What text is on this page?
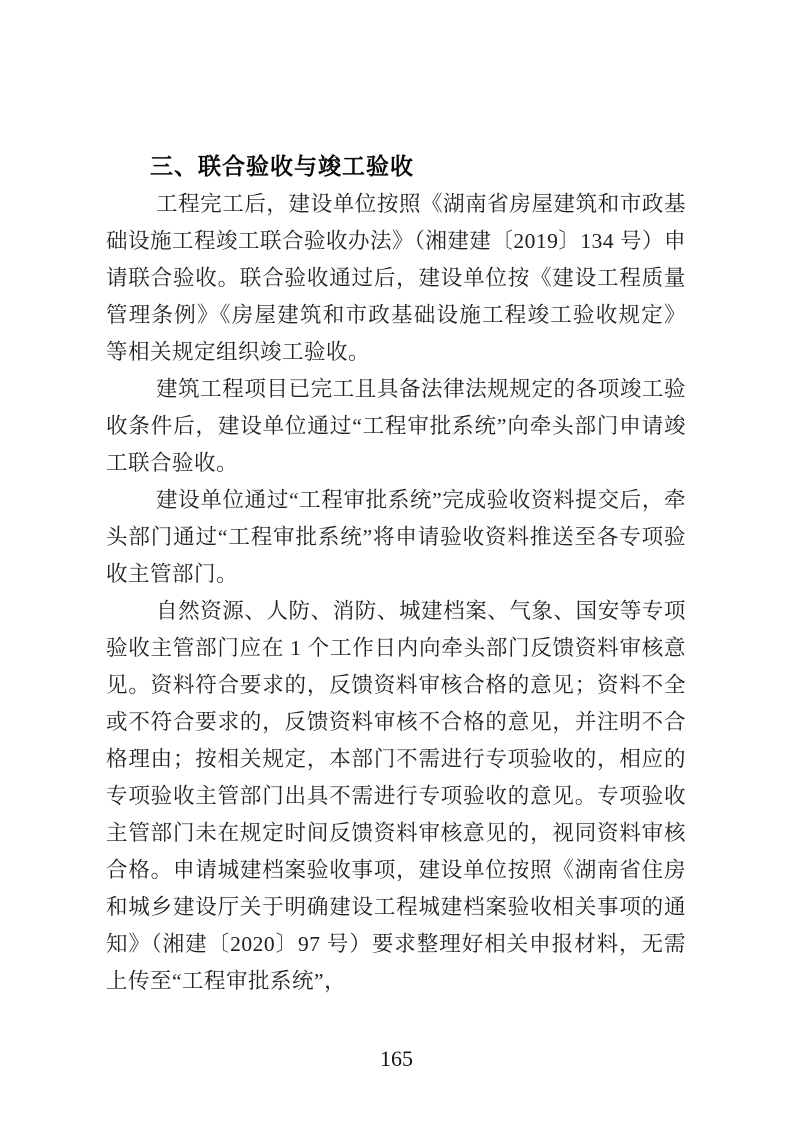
三、联合验收与竣工验收

工程完工后，建设单位按照《湖南省房屋建筑和市政基础设施工程竣工联合验收办法》（湘建建〔2019〕134 号）申请联合验收。联合验收通过后，建设单位按《建设工程质量管理条例》《房屋建筑和市政基础设施工程竣工验收规定》等相关规定组织竣工验收。

建筑工程项目已完工且具备法律法规规定的各项竣工验收条件后，建设单位通过“工程审批系统”向牵头部门申请竣工联合验收。

建设单位通过“工程审批系统”完成验收资料提交后，牵头部门通过“工程审批系统”将申请验收资料推送至各专项验收主管部门。

自然资源、人防、消防、城建档案、气象、国安等专项验收主管部门应在 1 个工作日内向牵头部门反馈资料审核意见。资料符合要求的，反馈资料审核合格的意见；资料不全或不符合要求的，反馈资料审核不合格的意见，并注明不合格理由；按相关规定，本部门不需进行专项验收的，相应的专项验收主管部门出具不需进行专项验收的意见。专项验收主管部门未在规定时间反馈资料审核意见的，视同资料审核合格。申请城建档案验收事项，建设单位按照《湖南省住房和城乡建设厅关于明确建设工程城建档案验收相关事项的通知》（湘建〔2020〕97 号）要求整理好相关申报材料，无需上传至“工程审批系统”，

165
